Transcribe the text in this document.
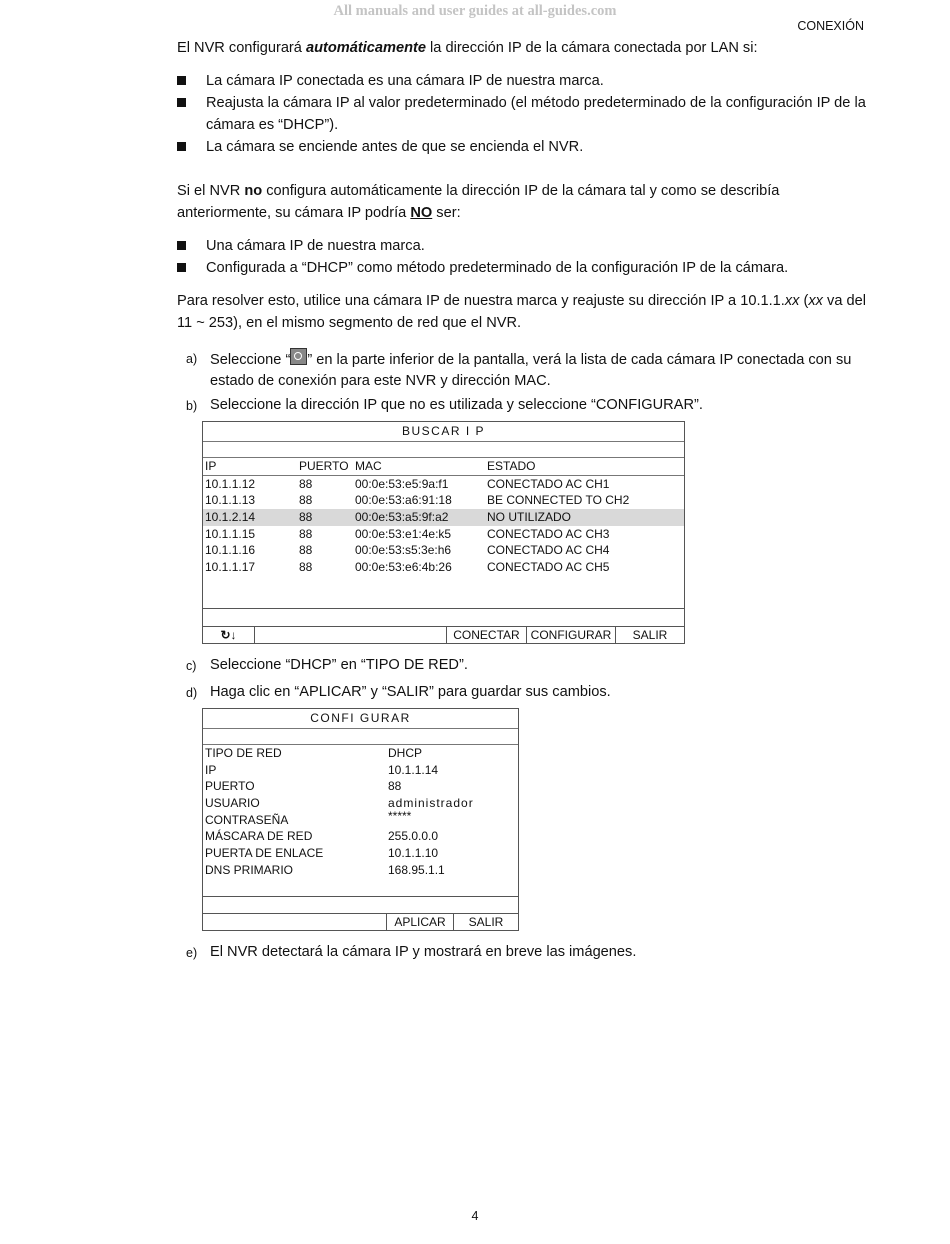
All manuals and user guides at all-guides.com
CONEXIÓN
El NVR configurará automáticamente la dirección IP de la cámara conectada por LAN si:
La cámara IP conectada es una cámara IP de nuestra marca.
Reajusta la cámara IP al valor predeterminado (el método predeterminado de la configuración IP de la cámara es “DHCP”).
La cámara se enciende antes de que se encienda el NVR.
Si el NVR no configura automáticamente la dirección IP de la cámara tal y como se describía anteriormente, su cámara IP podría NO ser:
Una cámara IP de nuestra marca.
Configurada a “DHCP” como método predeterminado de la configuración IP de la cámara.
Para resolver esto, utilice una cámara IP de nuestra marca y reajuste su dirección IP a 10.1.1.xx (xx va del 11 ~ 253), en el mismo segmento de red que el NVR.
a) Seleccione “ ” en la parte inferior de la pantalla, verá la lista de cada cámara IP conectada con su estado de conexión para este NVR y dirección MAC.
b) Seleccione la dirección IP que no es utilizada y seleccione “CONFIGURAR”.
BUSCAR I P
IP	PUERTO MAC	ESTADO
10.1.1.12	88	00:0e:53:e5:9a:f1	CONECTADO AC CH1
10.1.1.13	88	00:0e:53:a6:91:18	BE CONNECTED TO CH2
10.1.2.14	88	00:0e:53:a5:9f:a2	NO UTILIZADO
10.1.1.15	88	00:0e:53:e1:4e:k5	CONECTADO AC CH3
10.1.1.16	88	00:0e:53:s5:3e:h6	CONECTADO AC CH4
10.1.1.17	88	00:0e:53:e6:4b:26	CONECTADO AC CH5
↻↓	CONECTAR CONFIGURAR	SALIR
c) Seleccione “DHCP” en “TIPO DE RED”.
d) Haga clic en “APLICAR” y “SALIR” para guardar sus cambios.
CONFI GURAR
TIPO DE RED	DHCP
IP	10.1.1.14
PUERTO	88
USUARIO	administrador
CONTRASEÑA	*****
MÁSCARA DE RED	255.0.0.0
PUERTA DE ENLACE	10.1.1.10
DNS PRIMARIO	168.95.1.1
APLICAR	SALIR
e) El NVR detectará la cámara IP y mostrará en breve las imágenes.
4
